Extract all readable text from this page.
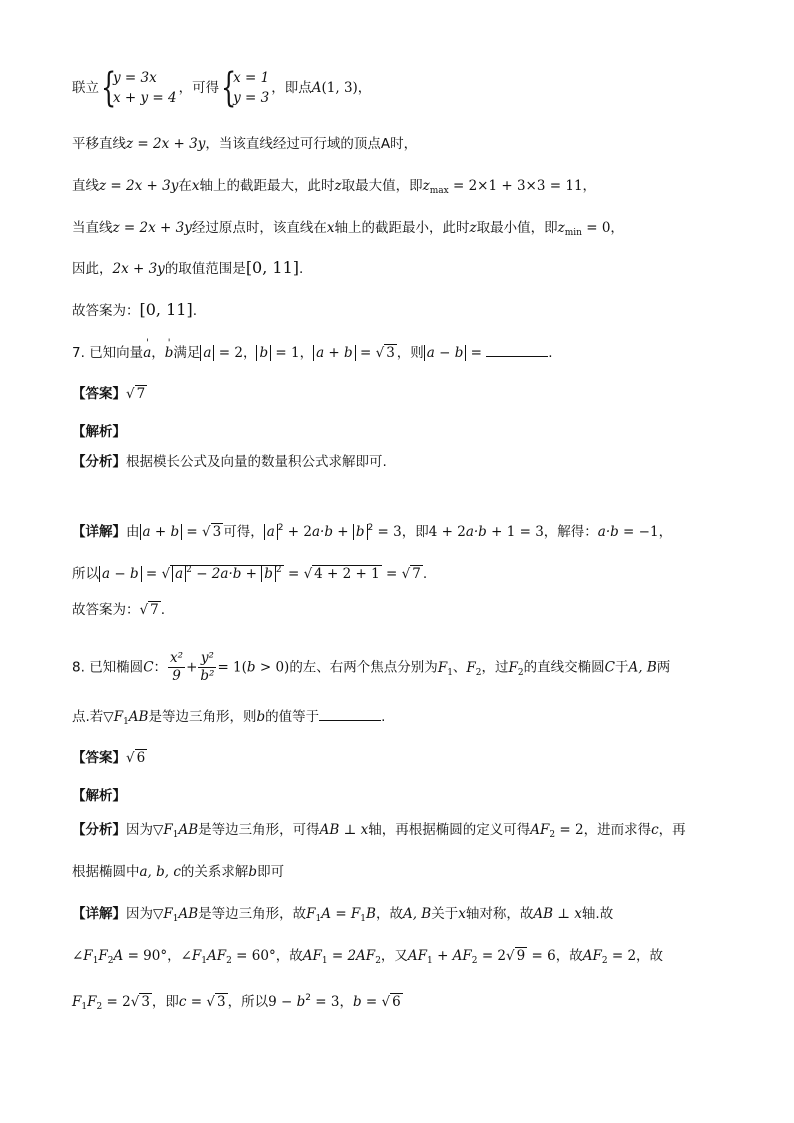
联立 {
y = 3x
x + y = 4
，可得 {
x = 1
y = 3
，即点A(1, 3)，
平移直线z = 2x + 3y，当该直线经过可行域的顶点A时，
直线z = 2x + 3y在x轴上的截距最大，此时z取最大值，即$z_{max} = 2\times 1 + 3\times 3 = 11$，
当直线z = 2x + 3y经过原点时，该直线在x轴上的截距最小，此时z取最小值，即$z_{min} = 0$，
因此，2x + 3y的取值范围是[0, 11].
故答案为：[0, 11].
7. 已知向量' a，' b满足 a = 2， b = 1， a + b = √ 3 ，则 a − b =	.
【答案】√ 7
【解析】
【分析】根据模长公式及向量的数量积公式求解即可.
【详解】由 a + b = √ 3 可得， a $^2$ + 2a·b + b $^2$ = 3，即4 + 2a·b + 1 = 3，解得：a·b = −1，
所以 a − b = √ a $^2$ − 2a·b + b $^2$ = √ 4 + 2 + 1 = √ 7 .
故答案为：√ 7 .
8. 已知椭圆C： $\frac{\text{x²}}{9} + \frac{\text{y²}}{\text{b²}} = 1(b > 0)$的左、右两个焦点分别为$F_1$、$F_2$，过$F_2$的直线交椭圆C于A, B两
点.若$▽F_1AB$是等边三角形，则b的值等于	.
【答案】√ 6
【解析】
【分析】因为$▽F_1AB$是等边三角形，可得AB ⊥ x轴，再根据椭圆的定义可得$AF_2 = 2$，进而求得c，再
根据椭圆中a, b, c的关系求解b即可
【详解】因为$▽F_1AB$是等边三角形，故$F_1A = F_1B$，故A, B关于x轴对称，故AB ⊥ x轴.故
$\angle F_1F_2A = 90^\circ$，$\angle F_1AF_2 = 60^\circ$，故$AF_1 = 2AF_2$，又$AF_1 + AF_2 = 2√$ 9 = 6，故$AF_2 = 2$，故
$F_1F_2 = 2√$ 3 ，即c = √ 3 ，所以$9 - b^2 = 3$，b = √ 6
